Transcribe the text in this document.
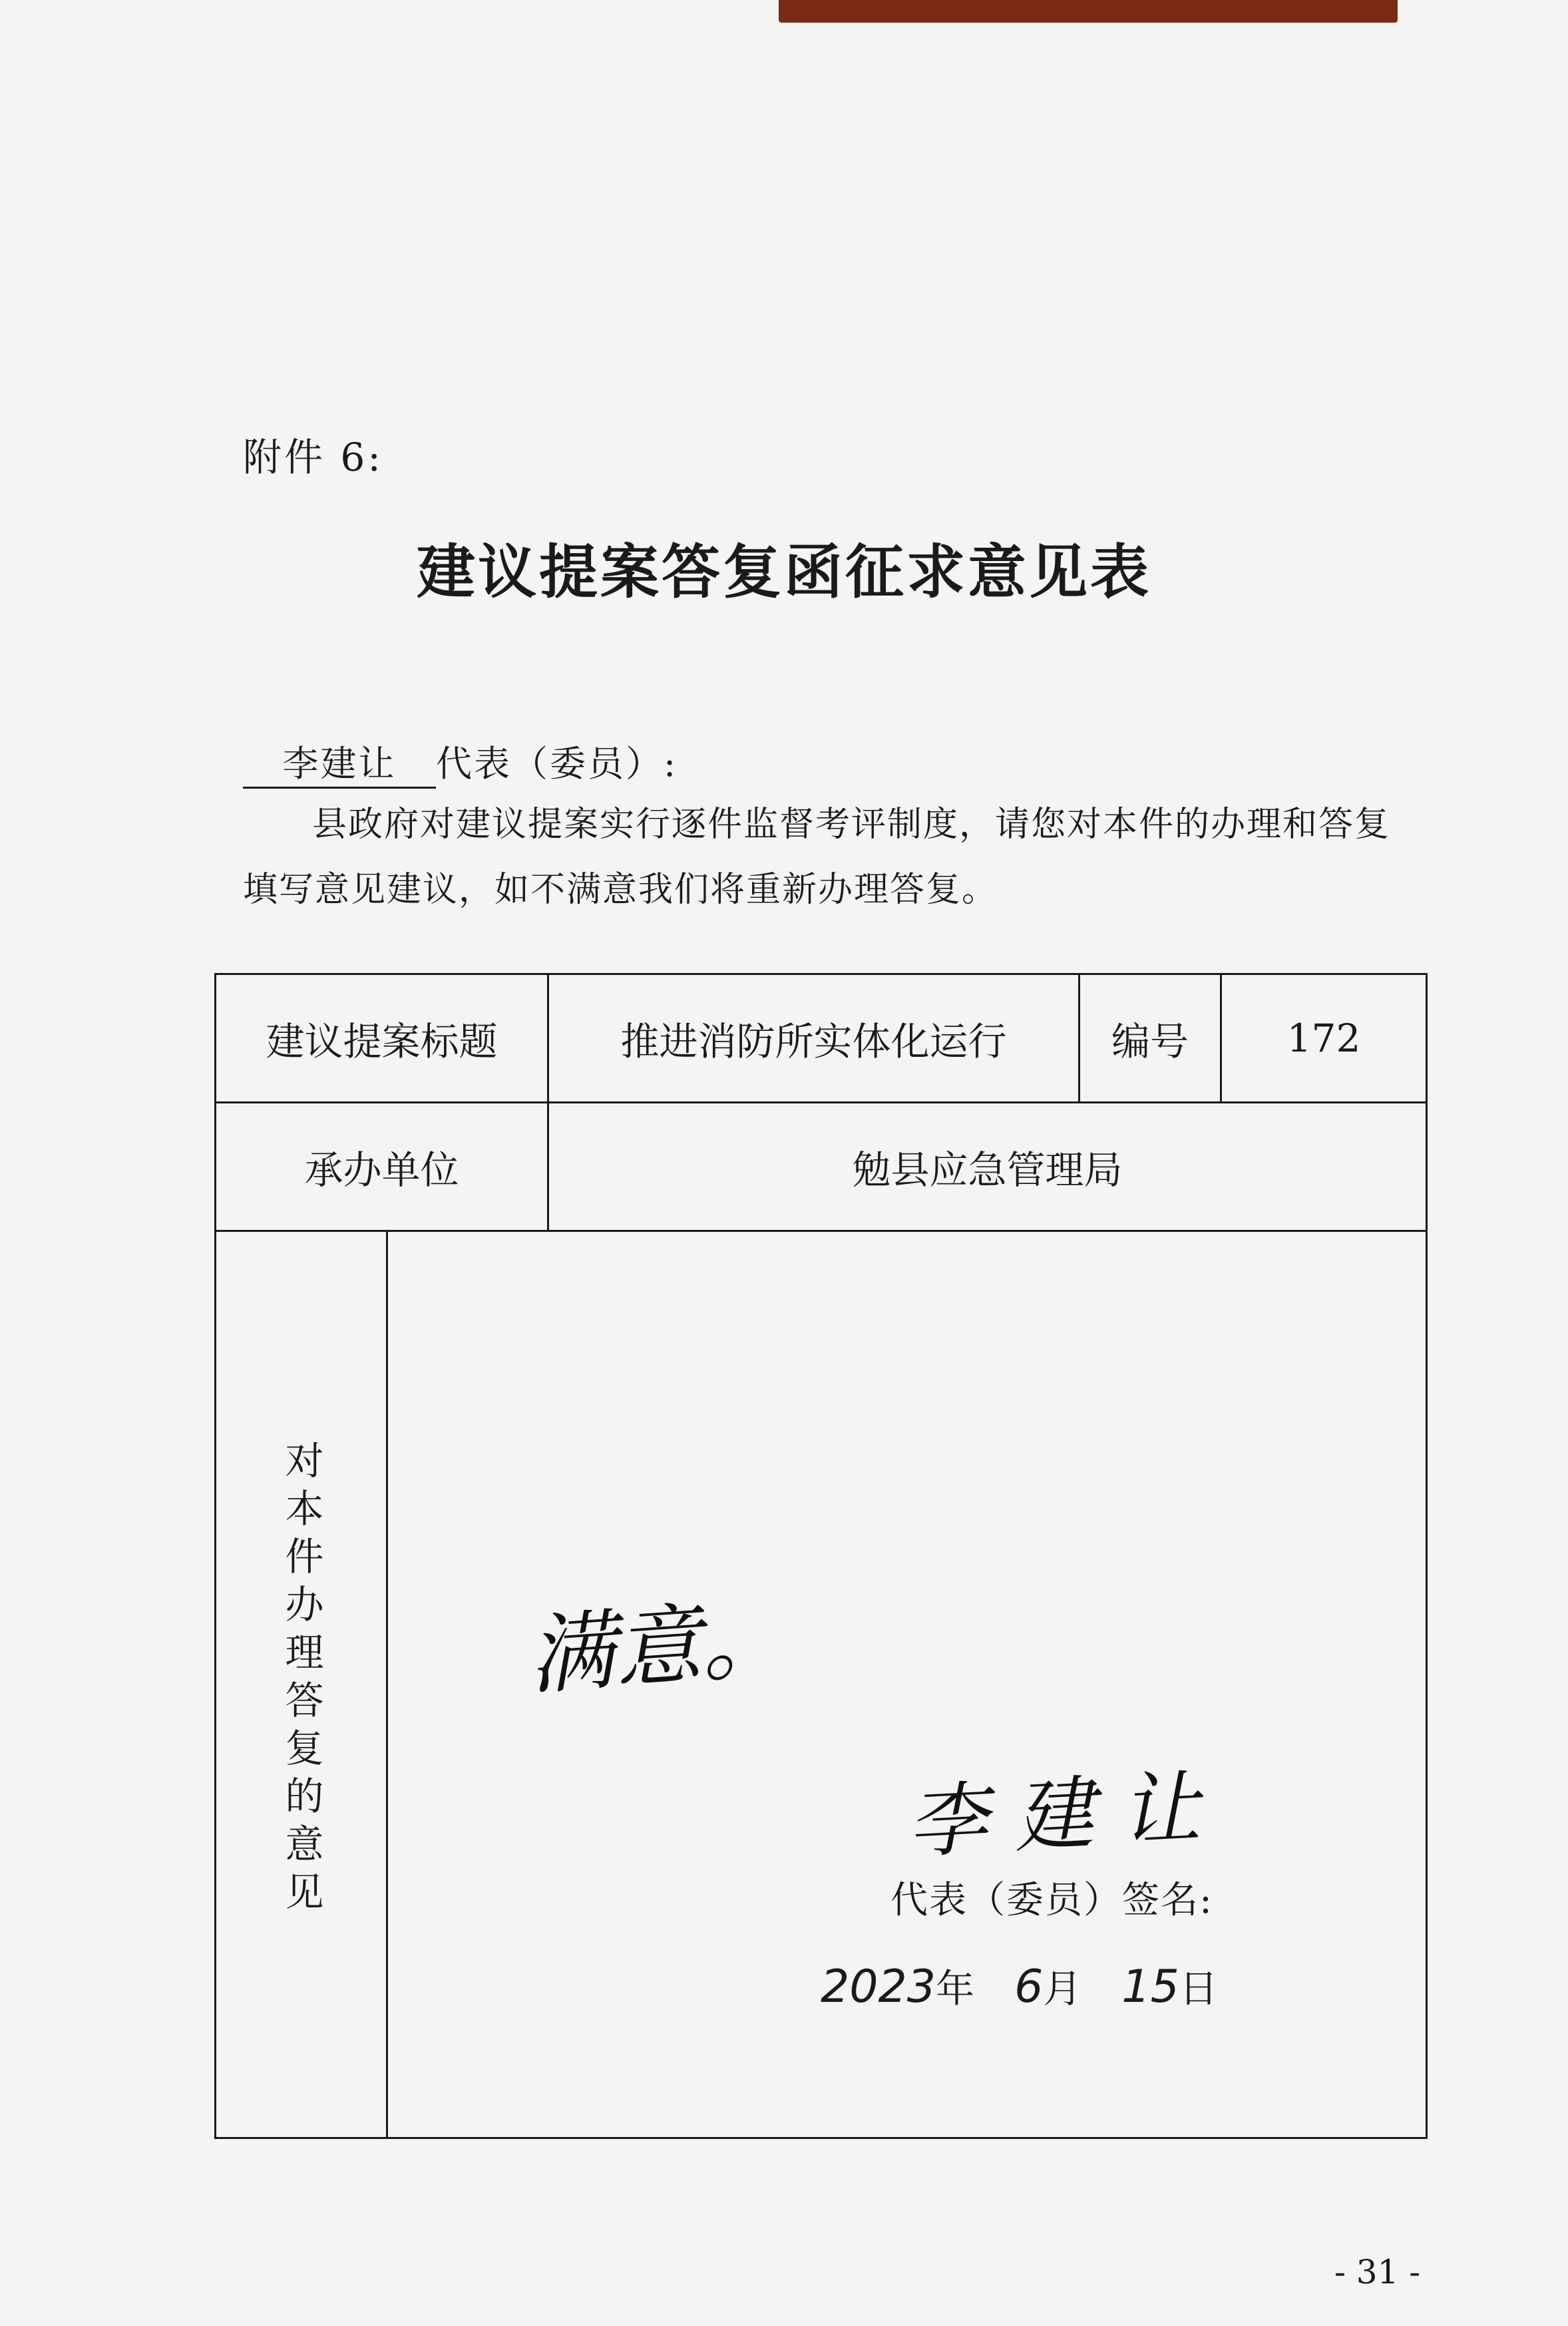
附件 6:
建议提案答复函征求意见表
李建让 代表（委员）:
县政府对建议提案实行逐件监督考评制度，请您对本件的办理和答复填写意见建议，如不满意我们将重新办理答复。
建议提案标题		推进消防所实体化运行	编号	172
承办单位		勉县应急管理局		
对本件办理答复的意见	满意。
李建让
代表（委员）签名:
2023年 6月 15日			
- 31 -
